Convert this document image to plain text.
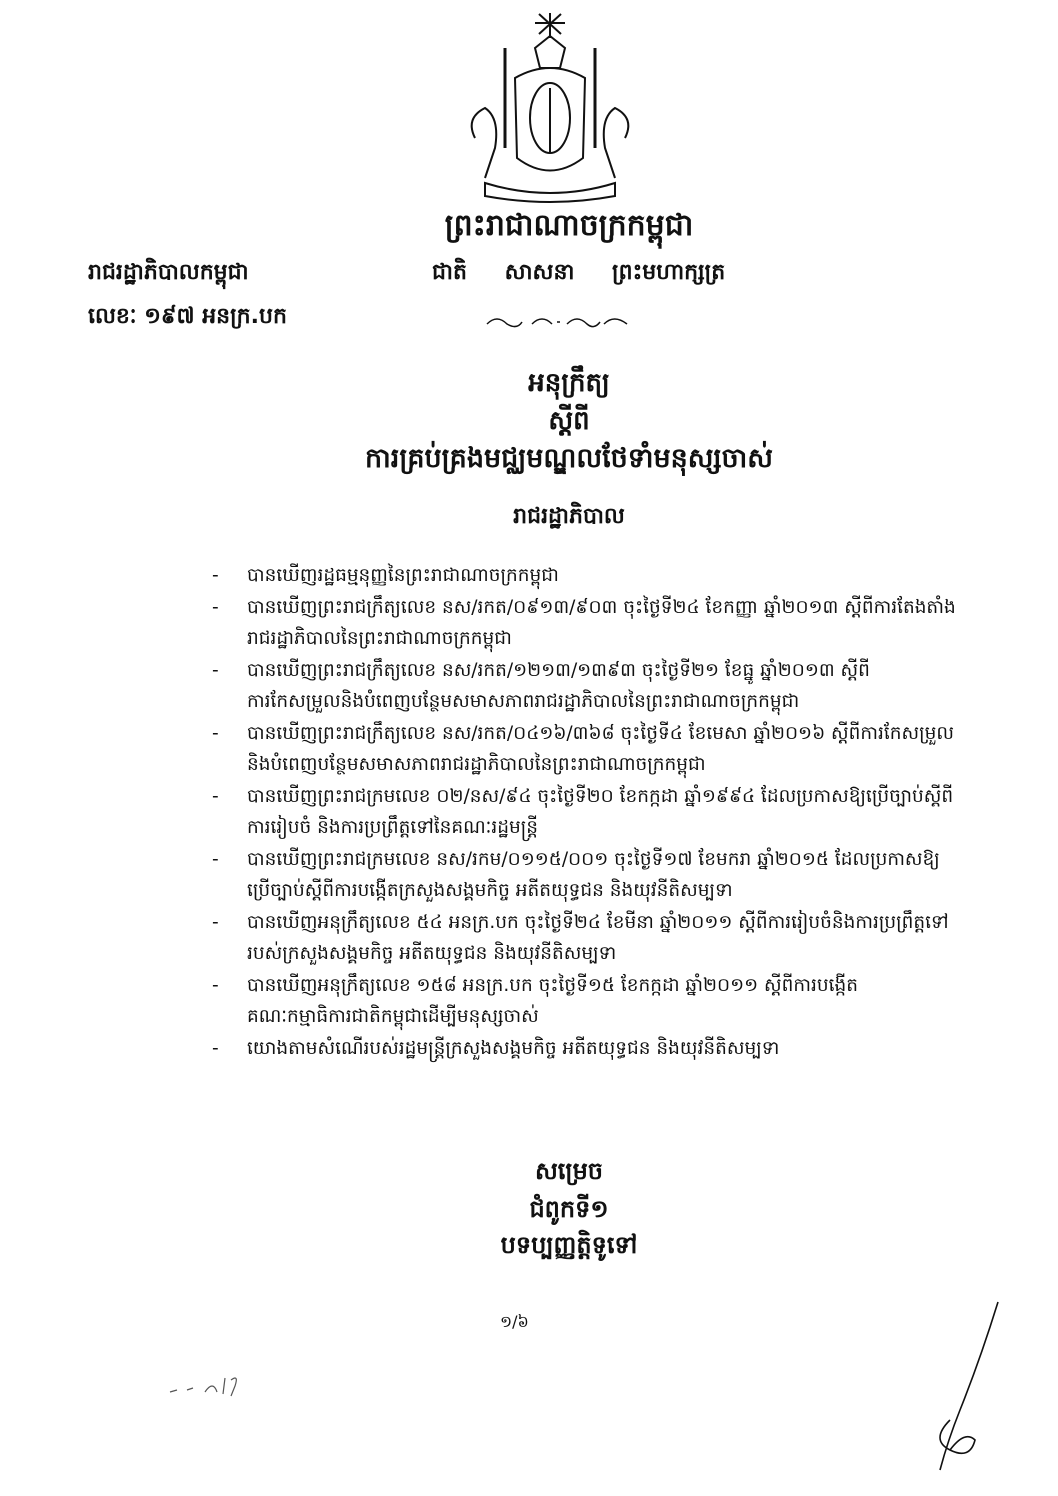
ព្រះរាជាណាចក្រកម្ពុជា
រាជរដ្ឋាភិបាលកម្ពុជា	ជាតិ សាសនា ព្រះមហាក្សត្រ
លេខៈ ១៩៧ អនក្រ.បក
អនុក្រឹត្យ
ស្តីពី
ការគ្រប់គ្រងមជ្ឈមណ្ឌលថែទាំមនុស្សចាស់
រាជរដ្ឋាភិបាល
- បានឃើញរដ្ឋធម្មនុញ្ញនៃព្រះរាជាណាចក្រកម្ពុជា
- បានឃើញព្រះរាជក្រឹត្យលេខ នស/រកត/០៩១៣/៩០៣ ចុះថ្ងៃទី២៤ ខែកញ្ញា ឆ្នាំ២០១៣ ស្តីពីការតែងតាំងរាជរដ្ឋាភិបាលនៃព្រះរាជាណាចក្រកម្ពុជា
- បានឃើញព្រះរាជក្រឹត្យលេខ នស/រកត/១២១៣/១៣៩៣ ចុះថ្ងៃទី២១ ខែធ្នូ ឆ្នាំ២០១៣ ស្តីពីការកែសម្រួលនិងបំពេញបន្ថែមសមាសភាពរាជរដ្ឋាភិបាលនៃព្រះរាជាណាចក្រកម្ពុជា
- បានឃើញព្រះរាជក្រឹត្យលេខ នស/រកត/០៤១៦/៣៦៨ ចុះថ្ងៃទី៤ ខែមេសា ឆ្នាំ២០១៦ ស្តីពីការកែសម្រួលនិងបំពេញបន្ថែមសមាសភាពរាជរដ្ឋាភិបាលនៃព្រះរាជាណាចក្រកម្ពុជា
- បានឃើញព្រះរាជក្រមលេខ ០២/នស/៩៤ ចុះថ្ងៃទី២០ ខែកក្កដា ឆ្នាំ១៩៩៤ ដែលប្រកាសឱ្យប្រើច្បាប់ស្តីពីការរៀបចំ និងការប្រព្រឹត្តទៅនៃគណៈរដ្ឋមន្ត្រី
- បានឃើញព្រះរាជក្រមលេខ នស/រកម/០១១៥/០០១ ចុះថ្ងៃទី១៧ ខែមករា ឆ្នាំ២០១៥ ដែលប្រកាសឱ្យប្រើច្បាប់ស្តីពីការបង្កើតក្រសួងសង្គមកិច្ច អតីតយុទ្ធជន និងយុវនីតិសម្បទា
- បានឃើញអនុក្រឹត្យលេខ ៥៤ អនក្រ.បក ចុះថ្ងៃទី២៤ ខែមីនា ឆ្នាំ២០១១ ស្តីពីការរៀបចំនិងការប្រព្រឹត្តទៅរបស់ក្រសួងសង្គមកិច្ច អតីតយុទ្ធជន និងយុវនីតិសម្បទា
- បានឃើញអនុក្រឹត្យលេខ ១៥៨ អនក្រ.បក ចុះថ្ងៃទី១៥ ខែកក្កដា ឆ្នាំ២០១១ ស្តីពីការបង្កើតគណៈកម្មាធិការជាតិកម្ពុជាដើម្បីមនុស្សចាស់
- យោងតាមសំណើរបស់រដ្ឋមន្ត្រីក្រសួងសង្គមកិច្ច អតីតយុទ្ធជន និងយុវនីតិសម្បទា
សម្រេច
ជំពូកទី១
បទប្បញ្ញត្តិទូទៅ
១/៦
